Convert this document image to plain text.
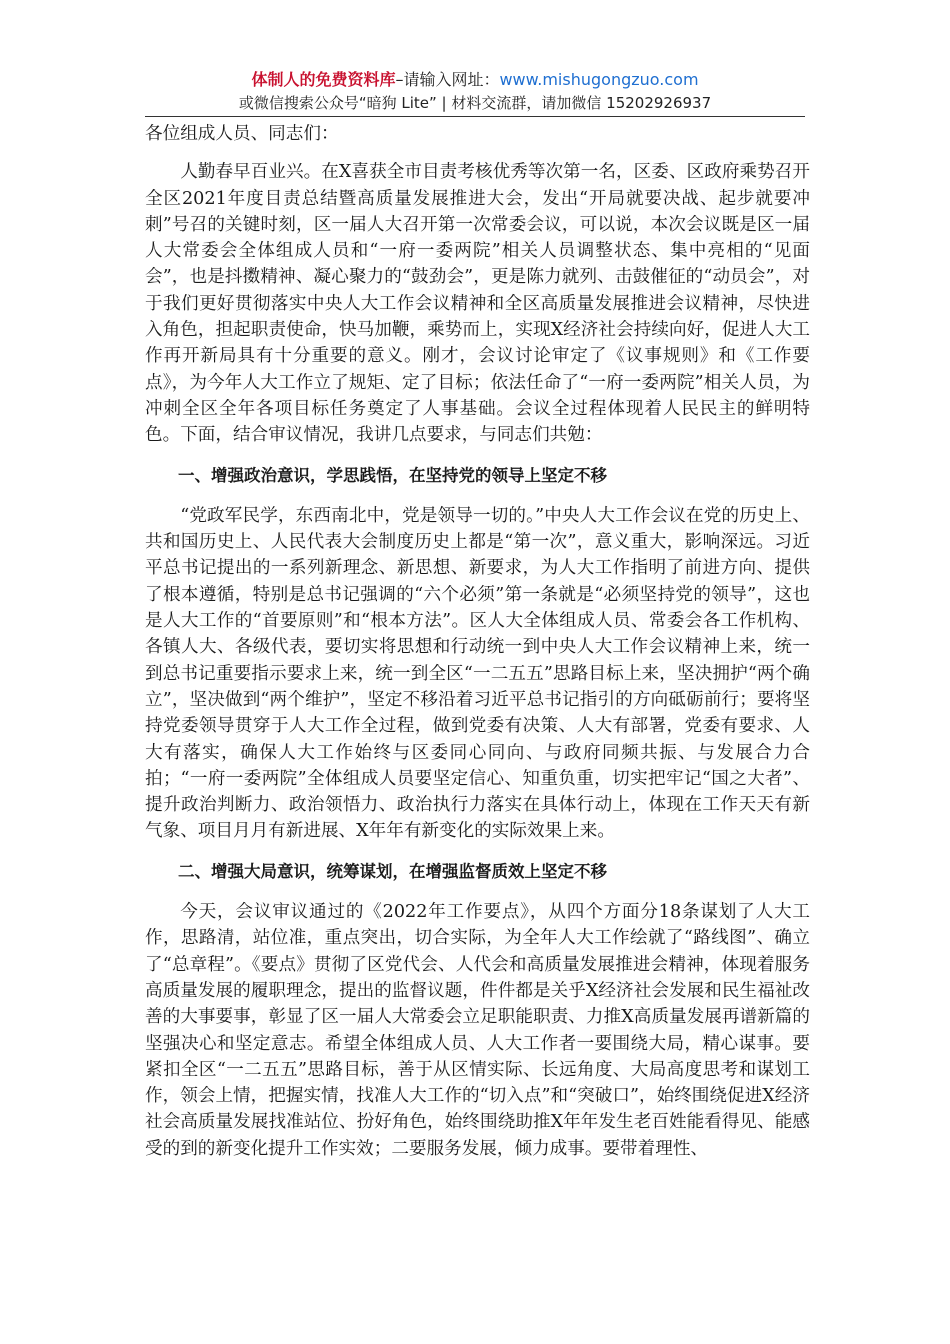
体制人的免费资料库–请输入网址：www.mishugongzuo.com
或微信搜索公众号“暗狗 Lite” | 材料交流群，请加微信 15202926937

各位组成人员、同志们：

人勤春早百业兴。在X喜获全市目责考核优秀等次第一名，区委、区政府乘势召开全区2021年度目责总结暨高质量发展推进大会，发出“开局就要决战、起步就要冲刺”号召的关键时刻，区一届人大召开第一次常委会议，可以说，本次会议既是区一届人大常委会全体组成人员和“一府一委两院”相关人员调整状态、集中亮相的“见面会”，也是抖擞精神、凝心聚力的“鼓劲会”，更是陈力就列、击鼓催征的“动员会”，对于我们更好贯彻落实中央人大工作会议精神和全区高质量发展推进会议精神，尽快进入角色，担起职责使命，快马加鞭，乘势而上，实现X经济社会持续向好，促进人大工作再开新局具有十分重要的意义。刚才，会议讨论审定了《议事规则》和《工作要点》，为今年人大工作立了规矩、定了目标；依法任命了“一府一委两院”相关人员，为冲刺全区全年各项目标任务奠定了人事基础。会议全过程体现着人民民主的鲜明特色。下面，结合审议情况，我讲几点要求，与同志们共勉：

一、增强政治意识，学思践悟，在坚持党的领导上坚定不移

“党政军民学，东西南北中，党是领导一切的。”中央人大工作会议在党的历史上、共和国历史上、人民代表大会制度历史上都是“第一次”，意义重大，影响深远。习近平总书记提出的一系列新理念、新思想、新要求，为人大工作指明了前进方向、提供了根本遵循，特别是总书记强调的“六个必须”第一条就是“必须坚持党的领导”，这也是人大工作的“首要原则”和“根本方法”。区人大全体组成人员、常委会各工作机构、各镇人大、各级代表，要切实将思想和行动统一到中央人大工作会议精神上来，统一到总书记重要指示要求上来，统一到全区“一二五五”思路目标上来，坚决拥护“两个确立”，坚决做到“两个维护”，坚定不移沿着习近平总书记指引的方向砥砺前行；要将坚持党委领导贯穿于人大工作全过程，做到党委有决策、人大有部署，党委有要求、人大有落实，确保人大工作始终与区委同心同向、与政府同频共振、与发展合力合拍；“一府一委两院”全体组成人员要坚定信心、知重负重，切实把牢记“国之大者”、提升政治判断力、政治领悟力、政治执行力落实在具体行动上，体现在工作天天有新气象、项目月月有新进展、X年年有新变化的实际效果上来。

二、增强大局意识，统筹谋划，在增强监督质效上坚定不移

今天，会议审议通过的《2022年工作要点》，从四个方面分18条谋划了人大工作，思路清，站位准，重点突出，切合实际，为全年人大工作绘就了“路线图”、确立了“总章程”。《要点》贯彻了区党代会、人代会和高质量发展推进会精神，体现着服务高质量发展的履职理念，提出的监督议题，件件都是关乎X经济社会发展和民生福祉改善的大事要事，彰显了区一届人大常委会立足职能职责、力推X高质量发展再谱新篇的坚强决心和坚定意志。希望全体组成人员、人大工作者一要围绕大局，精心谋事。要紧扣全区“一二五五”思路目标，善于从区情实际、长远角度、大局高度思考和谋划工作，领会上情，把握实情，找准人大工作的“切入点”和“突破口”，始终围绕促进X经济社会高质量发展找准站位、扮好角色，始终围绕助推X年年发生老百姓能看得见、能感受的到的新变化提升工作实效；二要服务发展，倾力成事。要带着理性、
